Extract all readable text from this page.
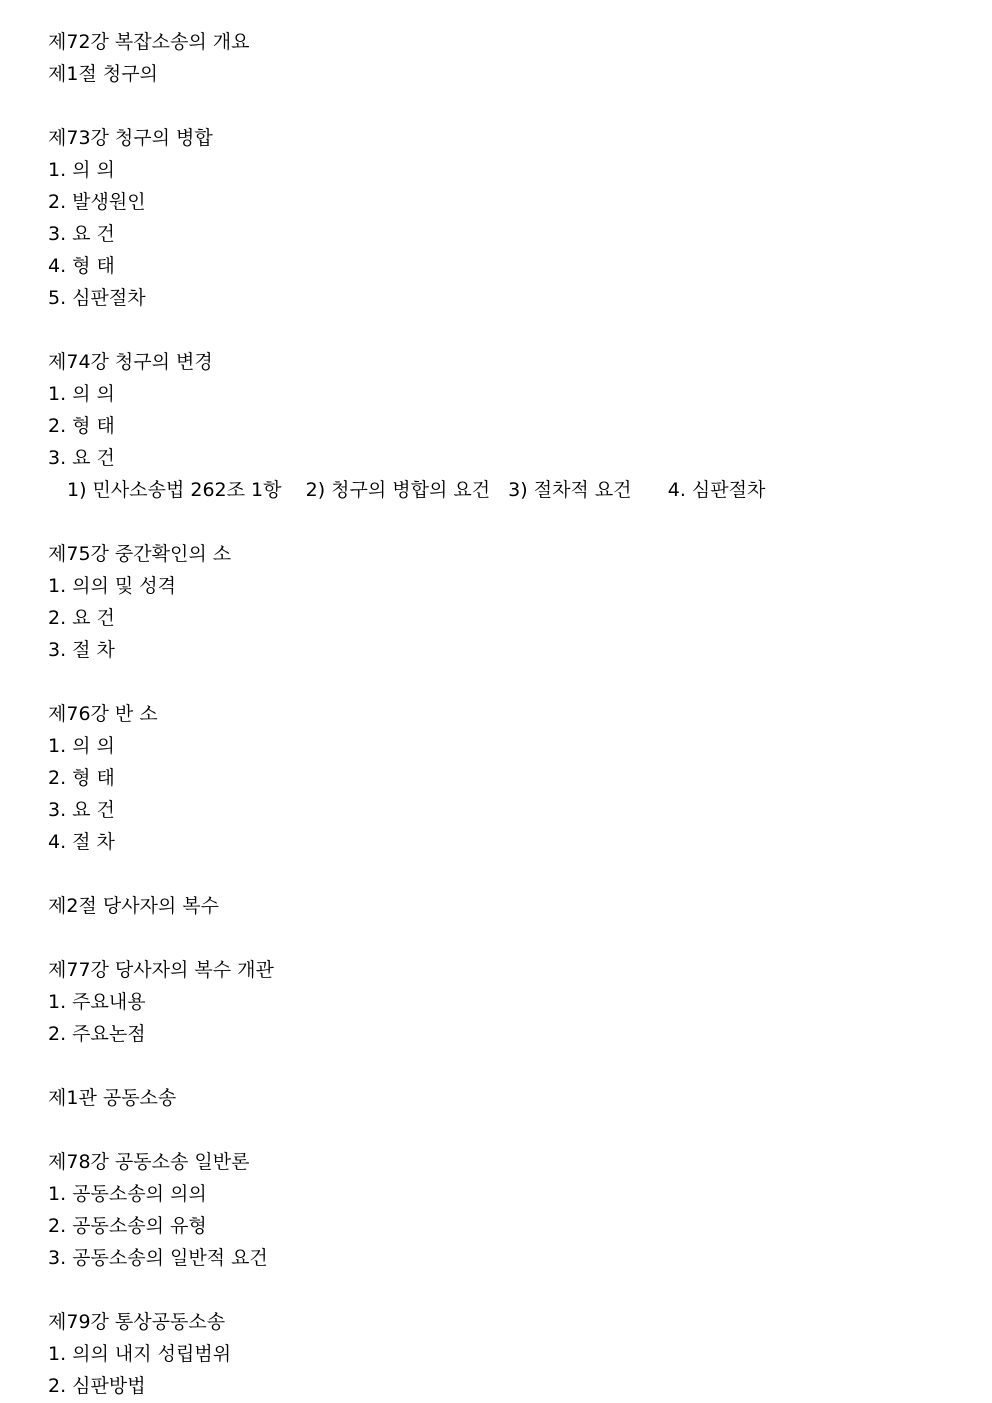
제72강 복잡소송의 개요
제1절 청구의
제73강 청구의 병합
1. 의 의
2. 발생원인
3. 요 건
4. 형 태
5. 심판절차
제74강 청구의 변경
1. 의 의
2. 형 태
3. 요 건
1) 민사소송법 262조 1항    2) 청구의 병합의 요건   3) 절차적 요건      4. 심판절차
제75강 중간확인의 소
1. 의의 및 성격
2. 요 건
3. 절 차
제76강 반 소
1. 의 의
2. 형 태
3. 요 건
4. 절 차
제2절 당사자의 복수
제77강 당사자의 복수 개관
1. 주요내용
2. 주요논점
제1관 공동소송
제78강 공동소송 일반론
1. 공동소송의 의의
2. 공동소송의 유형
3. 공동소송의 일반적 요건
제79강 통상공동소송
1. 의의 내지 성립범위
2. 심판방법
